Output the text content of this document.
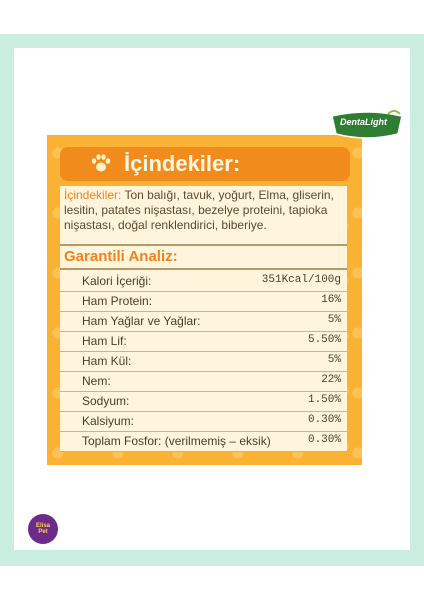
DentaLight
İçindekiler:
İçindekiler: Ton balığı, tavuk, yoğurt, Elma, gliserin, lesitin, patates nişastası, bezelye proteini, tapioka nişastası, doğal renklendirici, biberiye.
Garantili Analiz:
Kalori İçeriği:	351Kcal/100g
Ham Protein:	16%
Ham Yağlar ve Yağlar:	5%
Ham Lif:	5.50%
Ham Kül:	5%
Nem:	22%
Sodyum:	1.50%
Kalsiyum:	0.30%
Toplam Fosfor: (verilmemiş – eksik)	0.30%
Elisa Pet
